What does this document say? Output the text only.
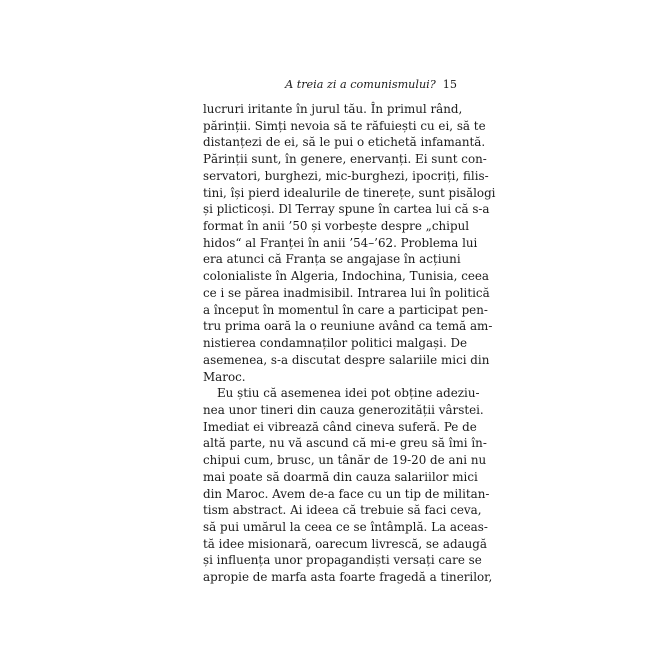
A treia zi a comunismului? 15
lucruri iritante în jurul tău. În primul rând,
părinții. Simți nevoia să te răfuiești cu ei, să te
distanțezi de ei, să le pui o etichetă infamantă.
Părinții sunt, în genere, enervanți. Ei sunt con-
servatori, burghezi, mic-burghezi, ipocriți, filis-
tini, își pierd idealurile de tinerețe, sunt pisălogi
și plicticoși. Dl Terray spune în cartea lui că s-a
format în anii ’50 și vorbește despre „chipul
hidos“ al Franței în anii ’54–’62. Problema lui
era atunci că Franța se angajase în acțiuni
colonialiste în Algeria, Indochina, Tunisia, ceea
ce i se părea inadmisibil. Intrarea lui în politică
a început în momentul în care a participat pen-
tru prima oară la o reuniune având ca temă am-
nistierea condamnaților politici malgași. De
asemenea, s-a discutat despre salariile mici din
Maroc.
Eu știu că asemenea idei pot obține adeziu-
nea unor tineri din cauza generozității vârstei.
Imediat ei vibrează când cineva suferă. Pe de
altă parte, nu vă ascund că mi-e greu să îmi în-
chipui cum, brusc, un tânăr de 19-20 de ani nu
mai poate să doarmă din cauza salariilor mici
din Maroc. Avem de-a face cu un tip de militan-
tism abstract. Ai ideea că trebuie să faci ceva,
să pui umărul la ceea ce se întâmplă. La aceas-
tă idee misionară, oarecum livrescă, se adaugă
și influența unor propagandiști versați care se
apropie de marfa asta foarte fragedă a tinerilor,
